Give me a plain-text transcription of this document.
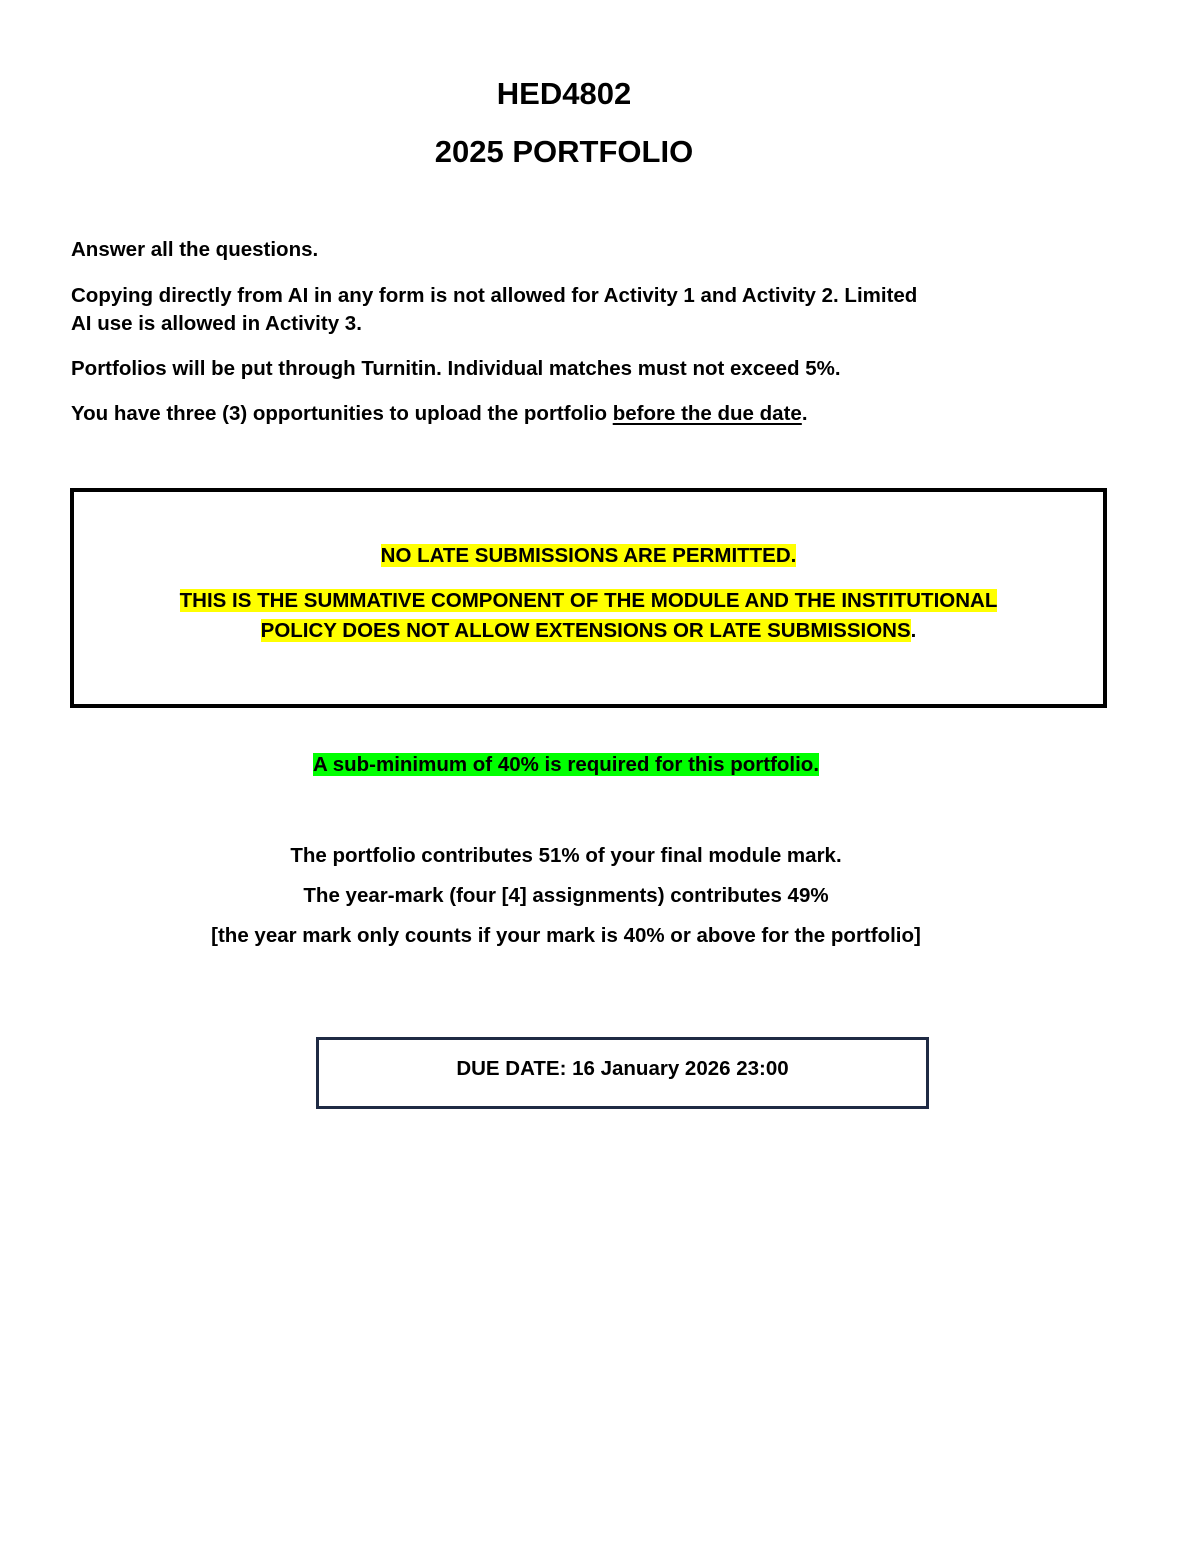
HED4802
2025 PORTFOLIO

Answer all the questions.

Copying directly from AI in any form is not allowed for Activity 1 and Activity 2. Limited
AI use is allowed in Activity 3.

Portfolios will be put through Turnitin. Individual matches must not exceed 5%.

You have three (3) opportunities to upload the portfolio before the due date.

NO LATE SUBMISSIONS ARE PERMITTED.

THIS IS THE SUMMATIVE COMPONENT OF THE MODULE AND THE INSTITUTIONAL

POLICY DOES NOT ALLOW EXTENSIONS OR LATE SUBMISSIONS.

A sub-minimum of 40% is required for this portfolio.

The portfolio contributes 51% of your final module mark.

The year-mark (four [4] assignments) contributes 49%

[the year mark only counts if your mark is 40% or above for the portfolio]

DUE DATE: 16 January 2026 23:00
